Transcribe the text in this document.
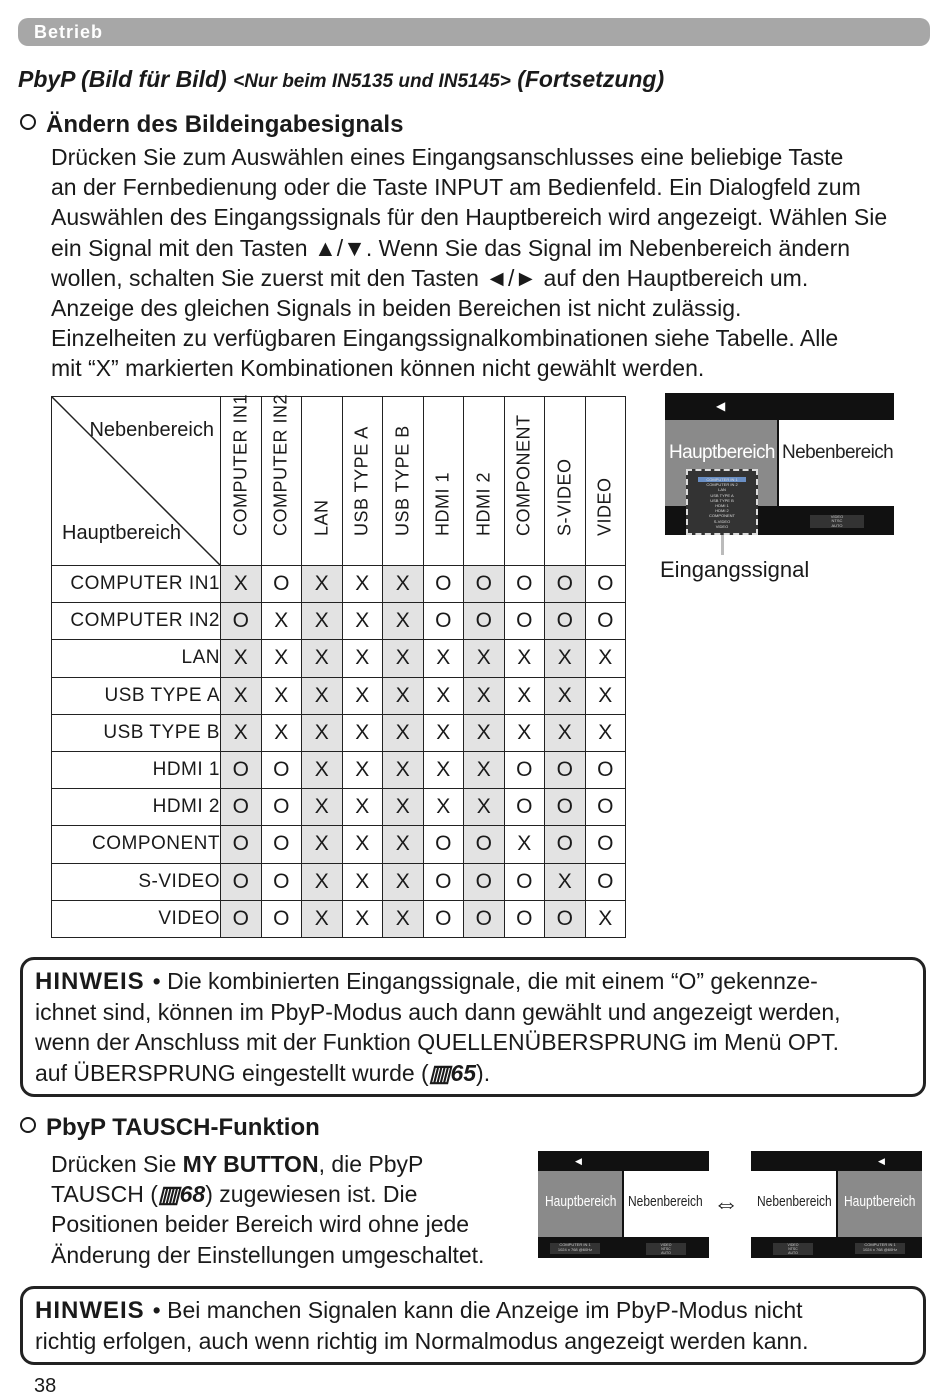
Betrieb
PbyP (Bild für Bild) <Nur beim IN5135 und IN5145> (Fortsetzung)
Ändern des Bildeingabesignals

Drücken Sie zum Auswählen eines Eingangsanschlusses eine beliebige Taste

an der Fernbedienung oder die Taste INPUT am Bedienfeld. Ein Dialogfeld zum

Auswählen des Eingangssignals für den Hauptbereich wird angezeigt. Wählen Sie

ein Signal mit den Tasten ▲/▼. Wenn Sie das Signal im Nebenbereich ändern

wollen, schalten Sie zuerst mit den Tasten ◄/► auf den Hauptbereich um.

Anzeige des gleichen Signals in beiden Bereichen ist nicht zulässig.

Einzelheiten zu verfügbaren Eingangssignalkombinationen siehe Tabelle. Alle

mit “X” markierten Kombinationen können nicht gewählt werden.

Nebenbereich
Hauptbereich	COMPUTER IN1	COMPUTER IN2	LAN	USB TYPE A	USB TYPE B	HDMI 1	HDMI 2	COMPONENT	S-VIDEO	VIDEO

COMPUTER IN1	X	O	X	X	X	O	O	O	O	O
COMPUTER IN2	O	X	X	X	X	O	O	O	O	O
LAN	X	X	X	X	X	X	X	X	X	X
USB TYPE A	X	X	X	X	X	X	X	X	X	X
USB TYPE B	X	X	X	X	X	X	X	X	X	X
HDMI 1	O	O	X	X	X	X	X	O	O	O
HDMI 2	O	O	X	X	X	X	X	O	O	O
COMPONENT	O	O	X	X	X	O	O	X	O	O
S-VIDEO	O	O	X	X	X	O	O	O	X	O
VIDEO	O	O	X	X	X	O	O	O	O	X
◀
Hauptbereich Nebenbereich
COMPUTER IN 1
COMPUTER IN 2
LAN
USB TYPE A
USB TYPE B
HDMI 1
HDMI 2
COMPONENT
S-VIDEO
VIDEO
VIDEO
NTSC
AUTO
Eingangssignal

HINWEIS • Die kombinierten Eingangssignale, die mit einem “O” gekennze-

ichnet sind, können im PbyP-Modus auch dann gewählt und angezeigt werden,

wenn der Anschluss mit der Funktion QUELLENÜBERSPRUNG im Menü OPT.

auf ÜBERSPRUNG eingestellt wurde (▥65).

PbyP TAUSCH-Funktion

Drücken Sie MY BUTTON, die PbyP

TAUSCH (▥68) zugewiesen ist. Die

Positionen beider Bereich wird ohne jede

Änderung der Einstellungen umgeschaltet.

◀
Hauptbereich Nebenbereich
COMPUTER IN 1
1024 x 768 @60Hz
VIDEO
NTSC
AUTO
⇔
◀
Nebenbereich Hauptbereich
VIDEO
NTSC
AUTO
COMPUTER IN 1
1024 x 768 @60Hz

HINWEIS • Bei manchen Signalen kann die Anzeige im PbyP-Modus nicht

richtig erfolgen, auch wenn richtig im Normalmodus angezeigt werden kann.

38
